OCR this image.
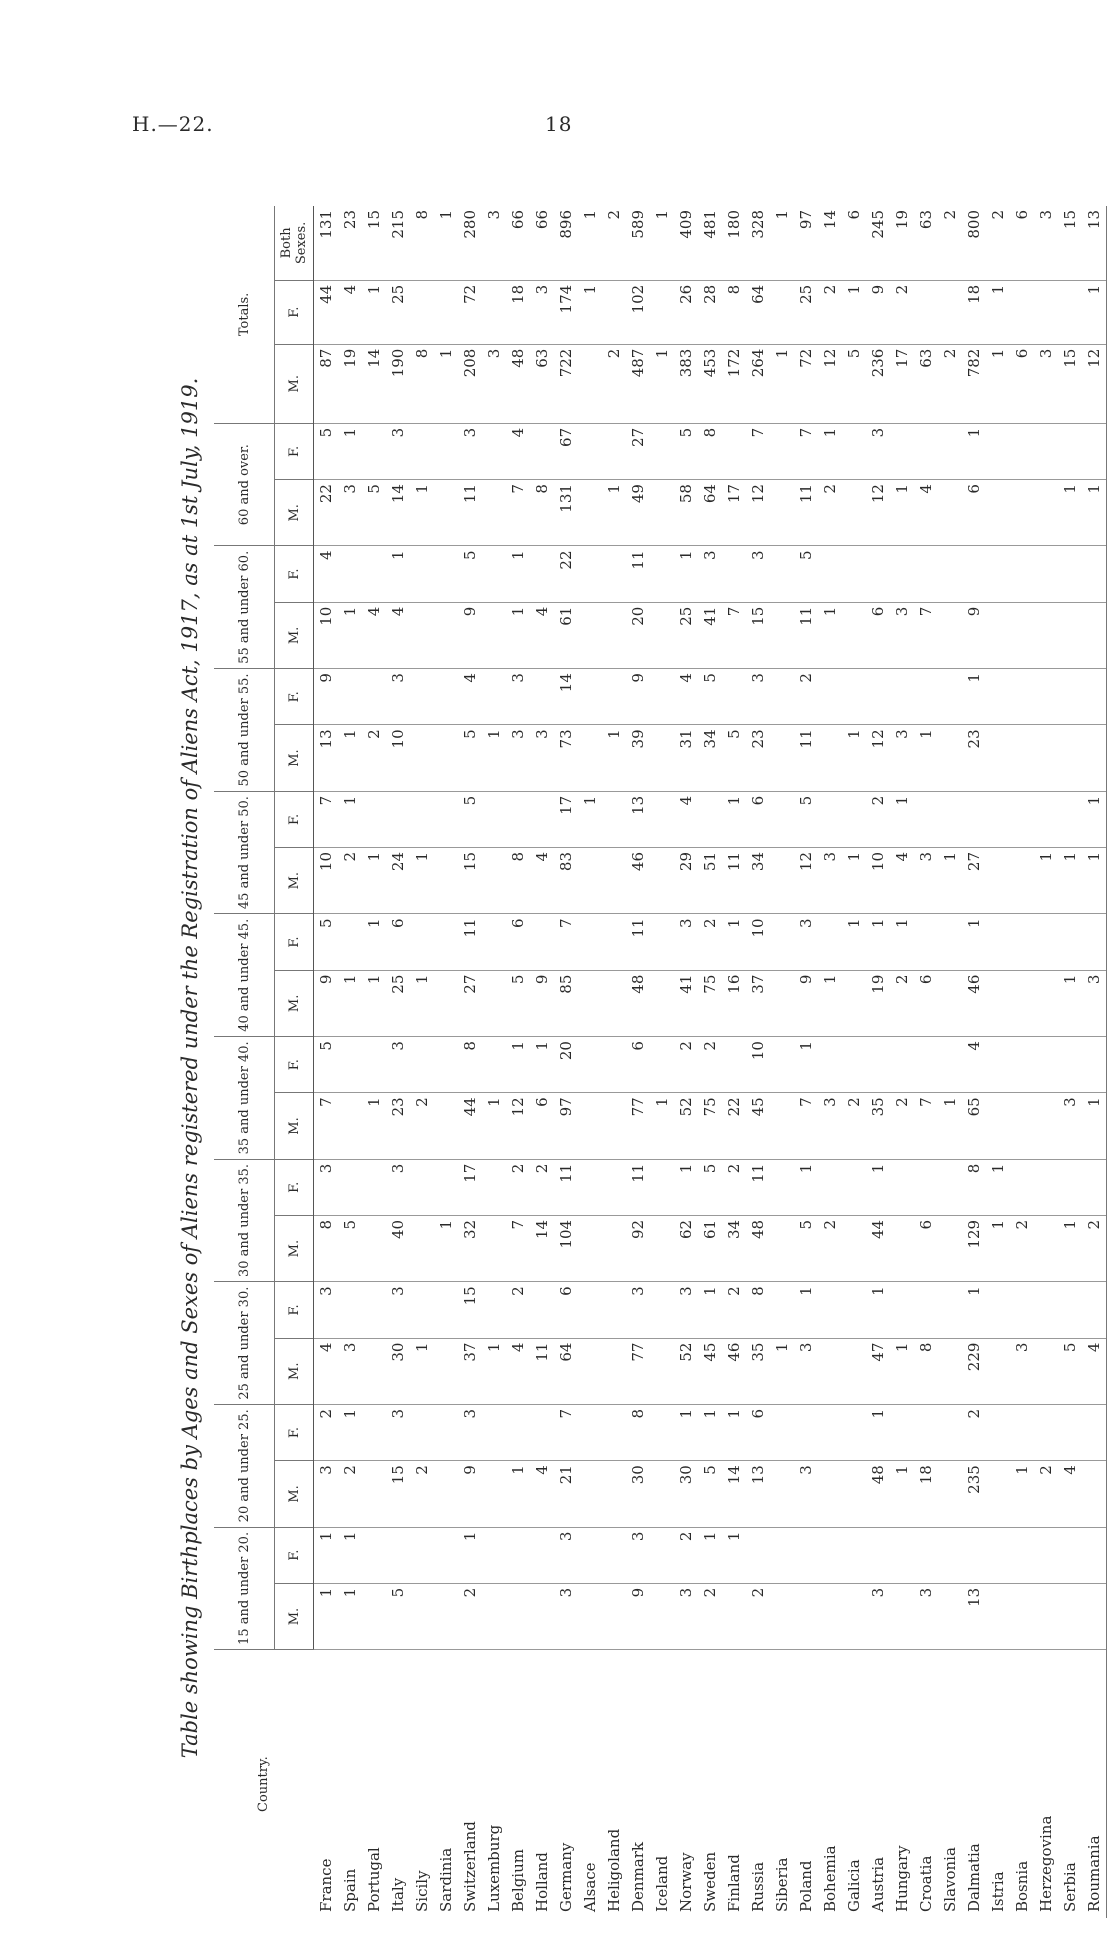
H.—22.	18
Table showing Birthplaces by Ages and Sexes of Aliens registered under the Registration of Aliens Act, 1917, as at 1st July, 1919.
Country.	15 and under 20.		20 and under 25.		25 and under 30.		30 and under 35.		35 and under 40.		40 and under 45.		45 and under 50.		50 and under 55.		55 and under 60.		60 and over.		Totals.		
	M.	F.	M.	F.	M.	F.	M.	F.	M.	F.	M.	F.	M.	F.	M.	F.	M.	F.	M.	F.	M.	F.	Both Sexes.
France	1	1	3	2	4	3	8	3	7	5	9	5	10	7	13	9	10	4	22	5	87	44	131
Spain	1	1	2	1	3		5				1		2	1	1		1		3	1	19	4	23
Portugal									1		1	1	1		2		4		5		14	1	15
Italy	5		15	3	30	3	40	3	23	3	25	6	24		10	3	4	1	14	3	190	25	215
Sicily			2		1				2		1		1						1		8		8
Sardinia							1														1		1
Switzerland	2	1	9	3	37	15	32	17	44	8	27	11	15	5	5	4	9	5	11	3	208	72	280
Luxemburg					1				1						1						3		3
Belgium			1		4	2	7	2	12	1	5	6	8		3	3	1	1	7	4	48	18	66
Holland			4		11		14	2	6	1	9		4		3		4		8		63	3	66
Germany	3	3	21	7	64	6	104	11	97	20	85	7	83	17	73	14	61	22	131	67	722	174	896
Alsace														1								1	1
Heligoland															1				1		2		2
Denmark	9	3	30	8	77	3	92	11	77	6	48	11	46	13	39	9	20	11	49	27	487	102	589
Iceland									1												1		1
Norway	3	2	30	1	52	3	62	1	52	2	41	3	29	4	31	4	25	1	58	5	383	26	409
Sweden	2	1	5	1	45	1	61	5	75	2	75	2	51		34	5	41	3	64	8	453	28	481
Finland		1	14	1	46	2	34	2	22		16	1	11	1	5		7		17		172	8	180
Russia	2		13	6	35	8	48	11	45	10	37	10	34	6	23	3	15	3	12	7	264	64	328
Siberia					1																1		1
Poland			3		3	1	5	1	7	1	9	3	12	5	11	2	11	5	11	7	72	25	97
Bohemia							2		3		1		3				1		2	1	12	2	14
Galicia									2			1	1		1						5	1	6
Austria	3		48	1	47	1	44	1	35		19	1	10	2	12		6		12	3	236	9	245
Hungary			1		1				2		2	1	4	1	3		3		1		17	2	19
Croatia	3		18		8		6		7		6		3		1		7		4		63		63
Slavonia									1				1								2		2
Dalmatia	13		235	2	229	1	129	8	65	4	46	1	27		23	1	9		6	1	782	18	800
Istria							1	1													1	1	2
Bosnia			1		3		2														6		6
Herzegovina			2										1								3		3
Serbia			4		5		1		3		1		1						1		15		15
Roumania					4		2		1		3		1	1					1		12	1	13
